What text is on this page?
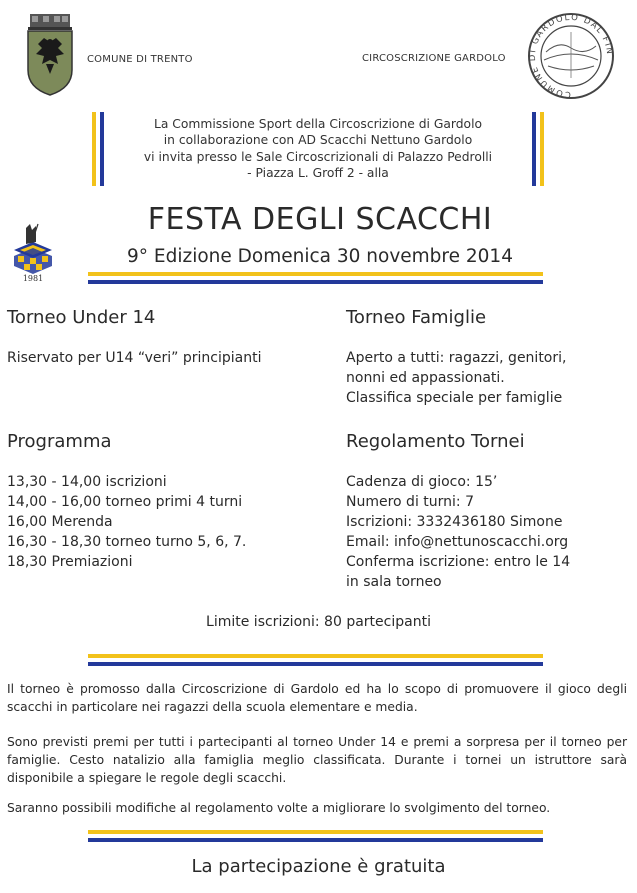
COMUNE DI TRENTO	CIRCOSCRIZIONE GARDOLO
COMUNE DI GARDOLO DAL FIN
La Commissione Sport della Circoscrizione di Gardolo
in collaborazione con AD Scacchi Nettuno Gardolo
vi invita presso le Sale Circoscrizionali di Palazzo Pedrolli
- Piazza L. Groff 2 - alla
1981
FESTA DEGLI SCACCHI
9° Edizione Domenica 30 novembre 2014
Torneo Under 14
Riservato per U14 “veri” principianti
Torneo Famiglie
Aperto a tutti: ragazzi, genitori,
nonni ed appassionati.
Classifica speciale per famiglie
Programma
13,30 - 14,00 iscrizioni
14,00 - 16,00 torneo primi 4 turni
16,00 Merenda
16,30 - 18,30 torneo turno 5, 6, 7.
18,30 Premiazioni
Regolamento Tornei
Cadenza di gioco: 15’
Numero di turni: 7
Iscrizioni: 3332436180 Simone
Email: info@nettunoscacchi.org
Conferma iscrizione: entro le 14
in sala torneo
Limite iscrizioni: 80 partecipanti
Il torneo è promosso dalla Circoscrizione di Gardolo ed ha lo scopo di promuovere il gioco degli scacchi in particolare nei ragazzi della scuola elementare e media.
Sono previsti premi per tutti i partecipanti al torneo Under 14 e premi a sorpresa per il torneo per famiglie. Cesto natalizio alla famiglia meglio classificata. Durante i tornei un istruttore sarà disponibile a spiegare le regole degli scacchi.
Saranno possibili modifiche al regolamento volte a migliorare lo svolgimento del torneo.
La partecipazione è gratuita
